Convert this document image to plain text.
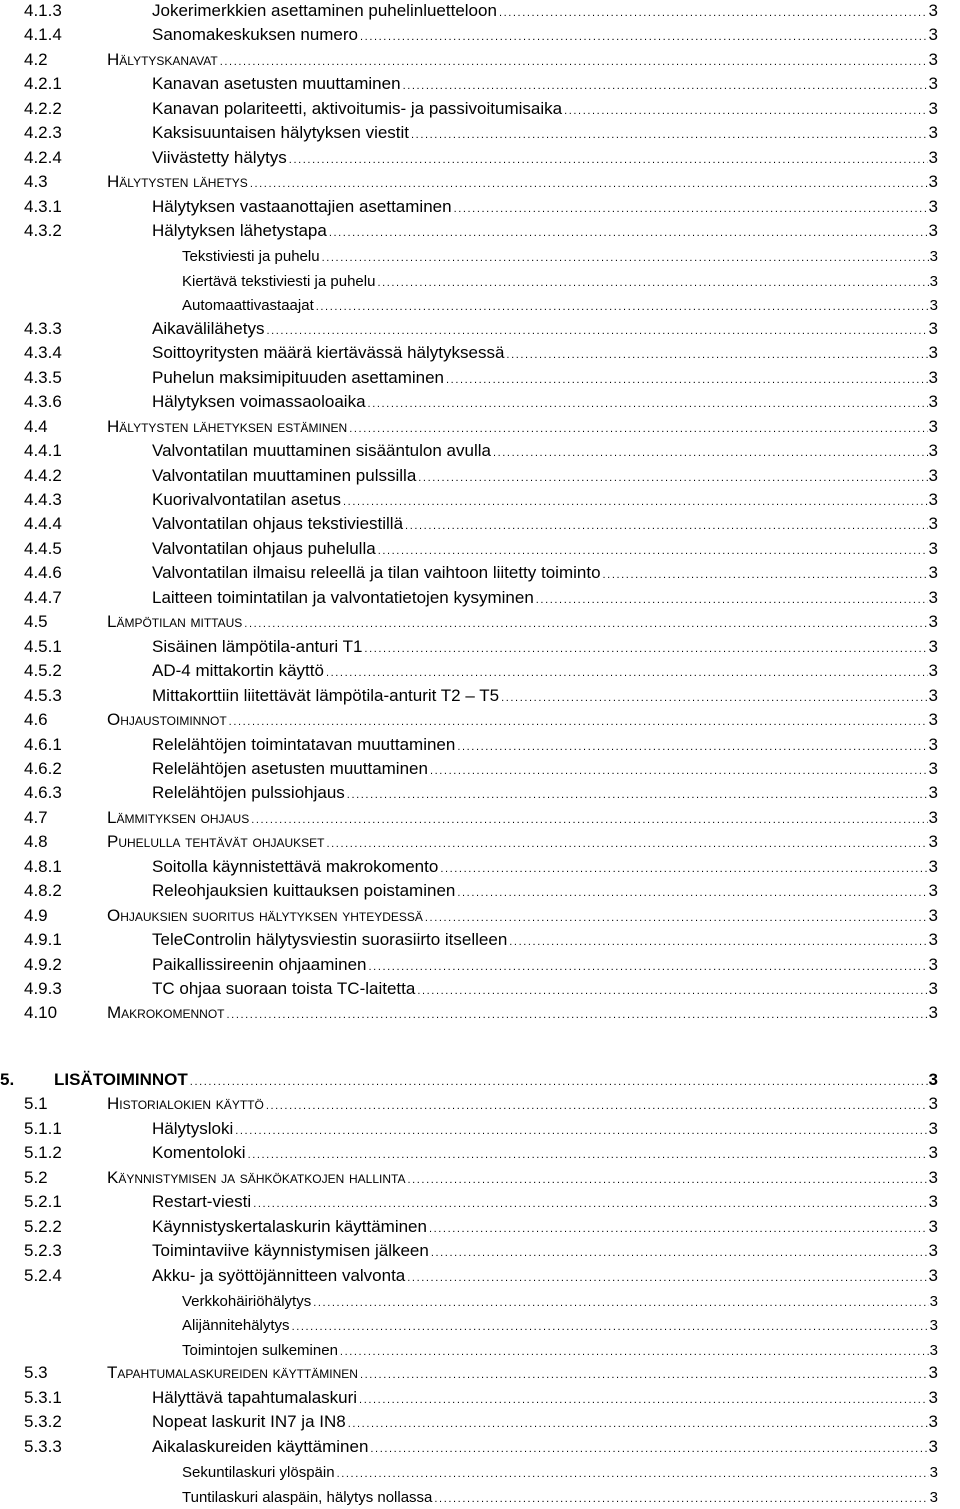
4.1.3	Jokerimerkkien asettaminen puhelinluetteloon .....	3
4.1.4	Sanomakeskuksen numero .....	3
4.2	Hälytyskanavat .....	3
4.2.1	Kanavan asetusten muuttaminen .....	3
4.2.2	Kanavan polariteetti, aktivoitumis- ja passivoitumisaika .....	3
4.2.3	Kaksisuuntaisen hälytyksen viestit .....	3
4.2.4	Viivästetty hälytys .....	3
4.3	Hälytysten lähetys .....	3
4.3.1	Hälytyksen vastaanottajien asettaminen .....	3
4.3.2	Hälytyksen lähetystapa .....	3
Tekstiviesti ja puhelu .....	3
Kiertävä tekstiviesti ja puhelu .....	3
Automaattivastaajat .....	3
4.3.3	Aikavälilähetys .....	3
4.3.4	Soittoyritysten määrä kiertävässä hälytyksessä .....	3
4.3.5	Puhelun maksimipituuden asettaminen .....	3
4.3.6	Hälytyksen voimassaoloaika .....	3
4.4	Hälytysten lähetyksen estäminen .....	3
4.4.1	Valvontatilan muuttaminen sisääntulon avulla .....	3
4.4.2	Valvontatilan muuttaminen pulssilla .....	3
4.4.3	Kuorivalvontatilan asetus .....	3
4.4.4	Valvontatilan ohjaus tekstiviestillä .....	3
4.4.5	Valvontatilan ohjaus puhelulla .....	3
4.4.6	Valvontatilan ilmaisu releellä ja tilan vaihtoon liitetty toiminto .....	3
4.4.7	Laitteen toimintatilan ja valvontatietojen kysyminen .....	3
4.5	Lämpötilan mittaus .....	3
4.5.1	Sisäinen lämpötila-anturi T1 .....	3
4.5.2	AD-4 mittakortin käyttö .....	3
4.5.3	Mittakorttiin liitettävät lämpötila-anturit T2 – T5 .....	3
4.6	Ohjaustoiminnot .....	3
4.6.1	Relelähtöjen toimintatavan muuttaminen .....	3
4.6.2	Relelähtöjen asetusten muuttaminen .....	3
4.6.3	Relelähtöjen pulssiohjaus .....	3
4.7	Lämmityksen ohjaus .....	3
4.8	Puhelulla tehtävät ohjaukset .....	3
4.8.1	Soitolla käynnistettävä makrokomento .....	3
4.8.2	Releohjauksien kuittauksen poistaminen .....	3
4.9	Ohjauksien suoritus hälytyksen yhteydessä .....	3
4.9.1	TeleControlin hälytysviestin suorasiirto itselleen .....	3
4.9.2	Paikallissireenin ohjaaminen .....	3
4.9.3	TC ohjaa suoraan toista TC-laitetta .....	3
4.10	Makrokomennot .....	3
5. LISÄTOIMINNOT .....	3
5.1	Historialokien käyttö .....	3
5.1.1	Hälytysloki .....	3
5.1.2	Komentoloki .....	3
5.2	Käynnistymisen ja sähkökatkojen hallinta .....	3
5.2.1	Restart-viesti .....	3
5.2.2	Käynnistyskertalaskurin käyttäminen .....	3
5.2.3	Toimintaviive käynnistymisen jälkeen .....	3
5.2.4	Akku- ja syöttöjännitteen valvonta .....	3
Verkkohäiriöhälytys .....	3
Alijännitehälytys .....	3
Toimintojen sulkeminen .....	3
5.3	Tapahtumalaskureiden käyttäminen .....	3
5.3.1	Hälyttävä tapahtumalaskuri .....	3
5.3.2	Nopeat laskurit IN7 ja IN8 .....	3
5.3.3	Aikalaskureiden käyttäminen .....	3
Sekuntilaskuri ylöspäin .....	3
Tuntilaskuri alaspäin, hälytys nollassa .....	3
